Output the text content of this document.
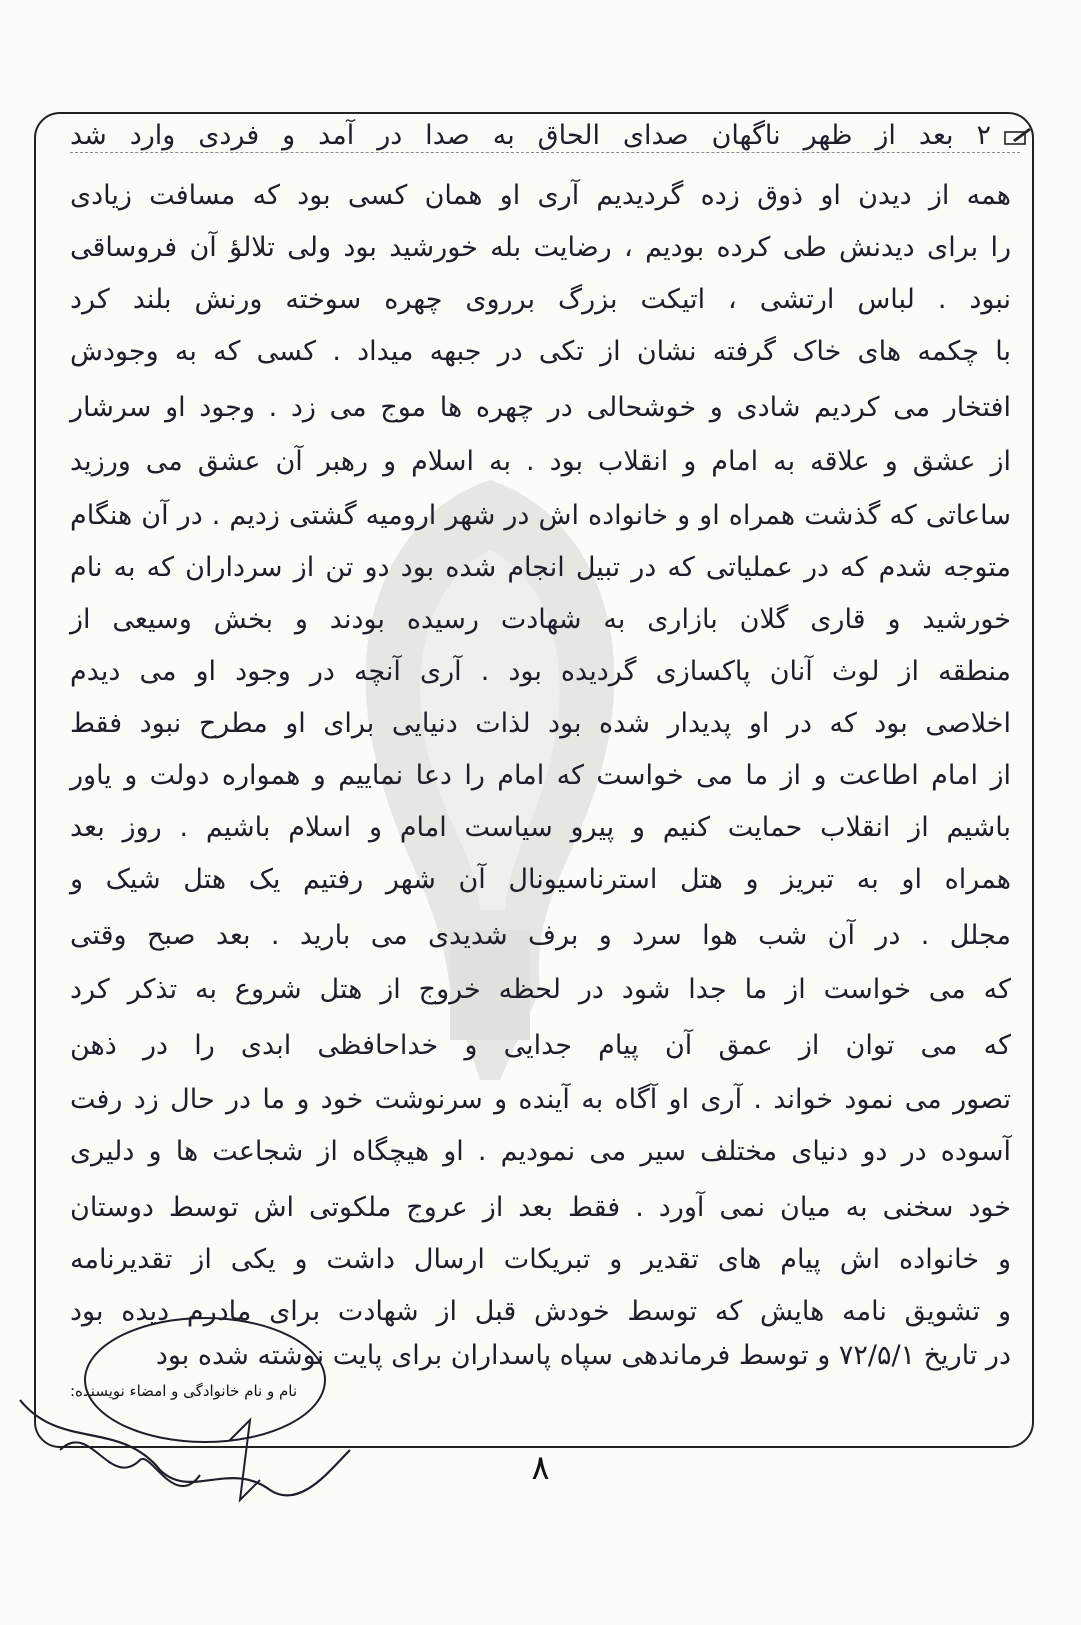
۲ بعد از ظهر ناگهان صدای الحاق به صدا در آمد و فردی وارد شد
همه از دیدن او ذوق زده گردیدیم آری او همان کسی بود که مسافت زیادی
را برای دیدنش طی کرده بودیم ، رضایت بله خورشید بود ولی تلالؤ آن فروساقی
نبود . لباس ارتشی ، اتیکت بزرگ برروی چهره سوخته ورنش بلند کرد
با چکمه های خاک گرفته نشان از تکی در جبهه میداد . کسی که به وجودش
افتخار می کردیم شادی و خوشحالی در چهره ها موج می زد . وجود او سرشار
از عشق و علاقه به امام و انقلاب بود . به اسلام و رهبر آن عشق می ورزید
ساعاتی که گذشت همراه او و خانواده اش در شهر ارومیه گشتی زدیم . در آن هنگام
متوجه شدم که در عملیاتی که در تبیل انجام شده بود دو تن از سرداران که به نام
خورشید و قاری گلان بازاری به شهادت رسیده بودند و بخش وسیعی از
منطقه از لوث آنان پاکسازی گردیده بود . آری آنچه در وجود او می دیدم
اخلاصی بود که در او پدیدار شده بود لذات دنیایی برای او مطرح نبود فقط
از امام اطاعت و از ما می خواست که امام را دعا نماییم و همواره دولت و یاور
باشیم از انقلاب حمایت کنیم و پیرو سیاست امام و اسلام باشیم . روز بعد
همراه او به تبریز و هتل استرناسیونال آن شهر رفتیم یک هتل شیک و
مجلل . در آن شب هوا سرد و برف شدیدی می بارید . بعد صبح وقتی
که می خواست از ما جدا شود در لحظه خروج از هتل شروع به تذکر کرد
که می توان از عمق آن پیام جدایی و خداحافظی ابدی را در ذهن
تصور می نمود خواند . آری او آگاه به آینده و سرنوشت خود و ما در حال زد رفت
آسوده در دو دنیای مختلف سیر می نمودیم . او هیچگاه از شجاعت ها و دلیری
خود سخنی به میان نمی آورد . فقط بعد از عروج ملکوتی اش توسط دوستان
و خانواده اش پیام های تقدیر و تبریکات ارسال داشت و یکی از تقدیرنامه
و تشویق نامه هایش که توسط خودش قبل از شهادت برای مادرم دیده بود
در تاریخ ۷۲/۵/۱ و توسط فرماندهی سپاه پاسداران برای پایت نوشته شده بود
نام و نام خانوادگی و امضاء نویسنده:
۸
